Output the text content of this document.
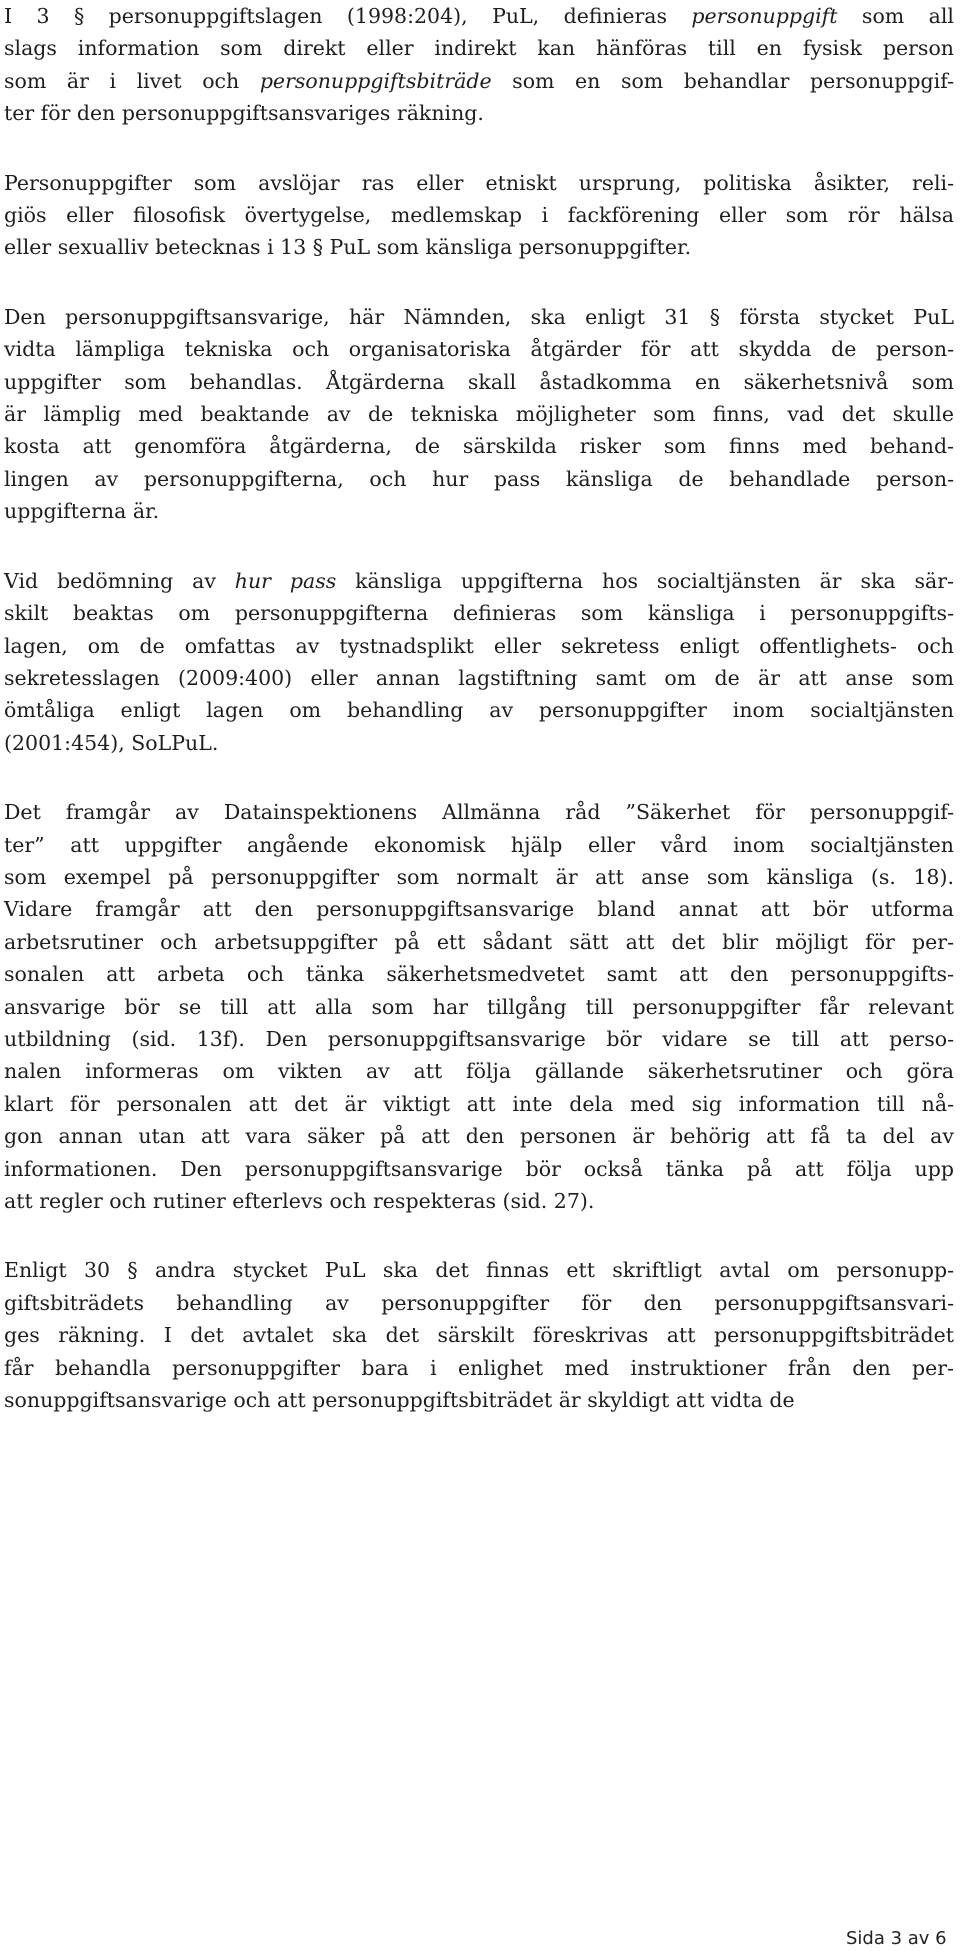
I 3 § personuppgiftslagen (1998:204), PuL, definieras personuppgift som all
slags information som direkt eller indirekt kan hänföras till en fysisk person
som är i livet och personuppgiftsbiträde som en som behandlar personuppgif-
ter för den personuppgiftsansvariges räkning.
Personuppgifter som avslöjar ras eller etniskt ursprung, politiska åsikter, reli-
giös eller filosofisk övertygelse, medlemskap i fackförening eller som rör hälsa
eller sexualliv betecknas i 13 § PuL som känsliga personuppgifter.
Den personuppgiftsansvarige, här Nämnden, ska enligt 31 § första stycket PuL
vidta lämpliga tekniska och organisatoriska åtgärder för att skydda de person-
uppgifter som behandlas. Åtgärderna skall åstadkomma en säkerhetsnivå som
är lämplig med beaktande av de tekniska möjligheter som finns, vad det skulle
kosta att genomföra åtgärderna, de särskilda risker som finns med behand-
lingen av personuppgifterna, och hur pass känsliga de behandlade person-
uppgifterna är.
Vid bedömning av hur pass känsliga uppgifterna hos socialtjänsten är ska sär-
skilt beaktas om personuppgifterna definieras som känsliga i personuppgifts-
lagen, om de omfattas av tystnadsplikt eller sekretess enligt offentlighets- och
sekretesslagen (2009:400) eller annan lagstiftning samt om de är att anse som
ömtåliga enligt lagen om behandling av personuppgifter inom socialtjänsten
(2001:454), SoLPuL.
Det framgår av Datainspektionens Allmänna råd ”Säkerhet för personuppgif-
ter” att uppgifter angående ekonomisk hjälp eller vård inom socialtjänsten
som exempel på personuppgifter som normalt är att anse som känsliga (s. 18).
Vidare framgår att den personuppgiftsansvarige bland annat att bör utforma
arbetsrutiner och arbetsuppgifter på ett sådant sätt att det blir möjligt för per-
sonalen att arbeta och tänka säkerhetsmedvetet samt att den personuppgifts-
ansvarige bör se till att alla som har tillgång till personuppgifter får relevant
utbildning (sid. 13f). Den personuppgiftsansvarige bör vidare se till att perso-
nalen informeras om vikten av att följa gällande säkerhetsrutiner och göra
klart för personalen att det är viktigt att inte dela med sig information till nå-
gon annan utan att vara säker på att den personen är behörig att få ta del av
informationen. Den personuppgiftsansvarige bör också tänka på att följa upp
att regler och rutiner efterlevs och respekteras (sid. 27).
Enligt 30 § andra stycket PuL ska det finnas ett skriftligt avtal om personupp-
giftsbiträdets behandling av personuppgifter för den personuppgiftsansvari-
ges räkning. I det avtalet ska det särskilt föreskrivas att personuppgiftsbiträdet
får behandla personuppgifter bara i enlighet med instruktioner från den per-
sonuppgiftsansvarige och att personuppgiftsbiträdet är skyldigt att vidta de
Sida 3 av 6
